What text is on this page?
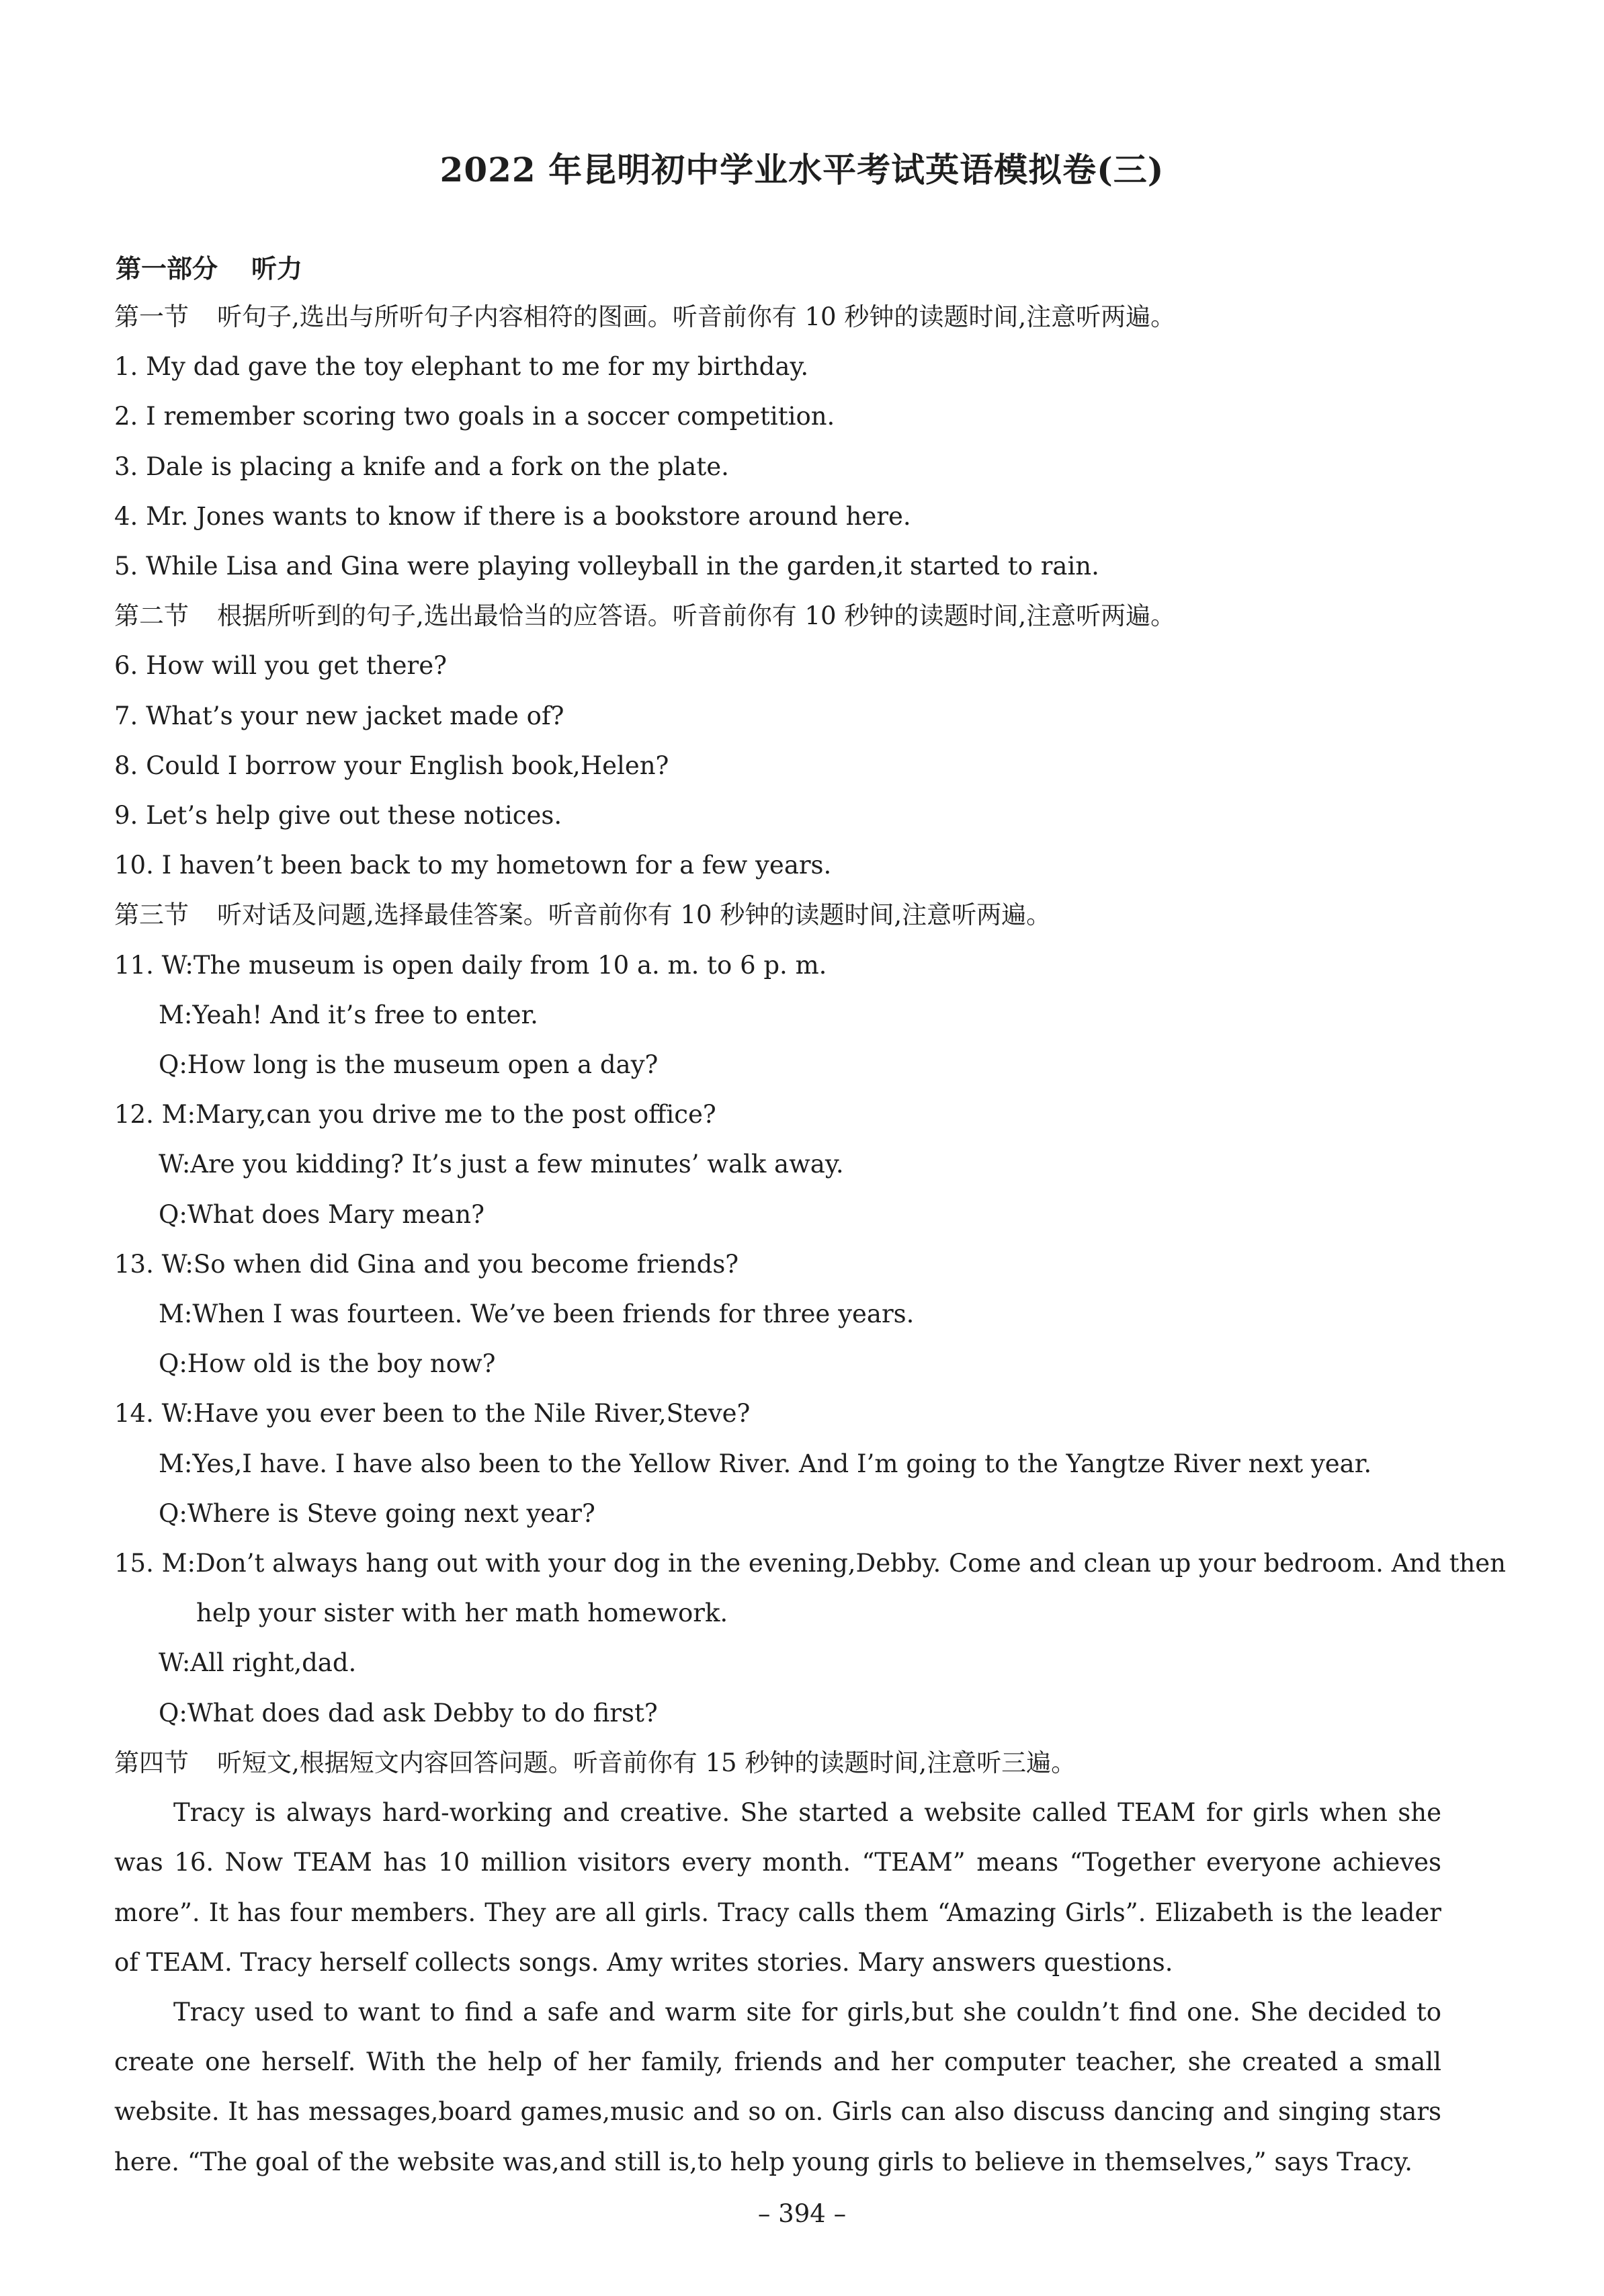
2022 年昆明初中学业水平考试英语模拟卷(三)
第一部分 听力
第一节 听句子,选出与所听句子内容相符的图画。听音前你有 10 秒钟的读题时间,注意听两遍。
1. My dad gave the toy elephant to me for my birthday.
2. I remember scoring two goals in a soccer competition.
3. Dale is placing a knife and a fork on the plate.
4. Mr. Jones wants to know if there is a bookstore around here.
5. While Lisa and Gina were playing volleyball in the garden,it started to rain.
第二节 根据所听到的句子,选出最恰当的应答语。听音前你有 10 秒钟的读题时间,注意听两遍。
6. How will you get there?
7. What’s your new jacket made of?
8. Could I borrow your English book,Helen?
9. Let’s help give out these notices.
10. I haven’t been back to my hometown for a few years.
第三节 听对话及问题,选择最佳答案。听音前你有 10 秒钟的读题时间,注意听两遍。
11. W:The museum is open daily from 10 a. m. to 6 p. m.
M:Yeah! And it’s free to enter.
Q:How long is the museum open a day?
12. M:Mary,can you drive me to the post office?
W:Are you kidding? It’s just a few minutes’ walk away.
Q:What does Mary mean?
13. W:So when did Gina and you become friends?
M:When I was fourteen. We’ve been friends for three years.
Q:How old is the boy now?
14. W:Have you ever been to the Nile River,Steve?
M:Yes,I have. I have also been to the Yellow River. And I’m going to the Yangtze River next year.
Q:Where is Steve going next year?
15. M:Don’t always hang out with your dog in the evening,Debby. Come and clean up your bedroom. And then
help your sister with her math homework.
W:All right,dad.
Q:What does dad ask Debby to do first?
第四节 听短文,根据短文内容回答问题。听音前你有 15 秒钟的读题时间,注意听三遍。
Tracy is always hard-working and creative. She started a website called TEAM for girls when she was 16. Now TEAM has 10 million visitors every month. “TEAM” means “Together everyone achieves more”. It has four members. They are all girls. Tracy calls them “Amazing Girls”. Elizabeth is the leader of TEAM. Tracy herself collects songs. Amy writes stories. Mary answers questions.
Tracy used to want to find a safe and warm site for girls,but she couldn’t find one. She decided to create one herself. With the help of her family, friends and her computer teacher, she created a small website. It has messages,board games,music and so on. Girls can also discuss dancing and singing stars here. “The goal of the website was,and still is,to help young girls to believe in themselves,” says Tracy.
– 394 –
